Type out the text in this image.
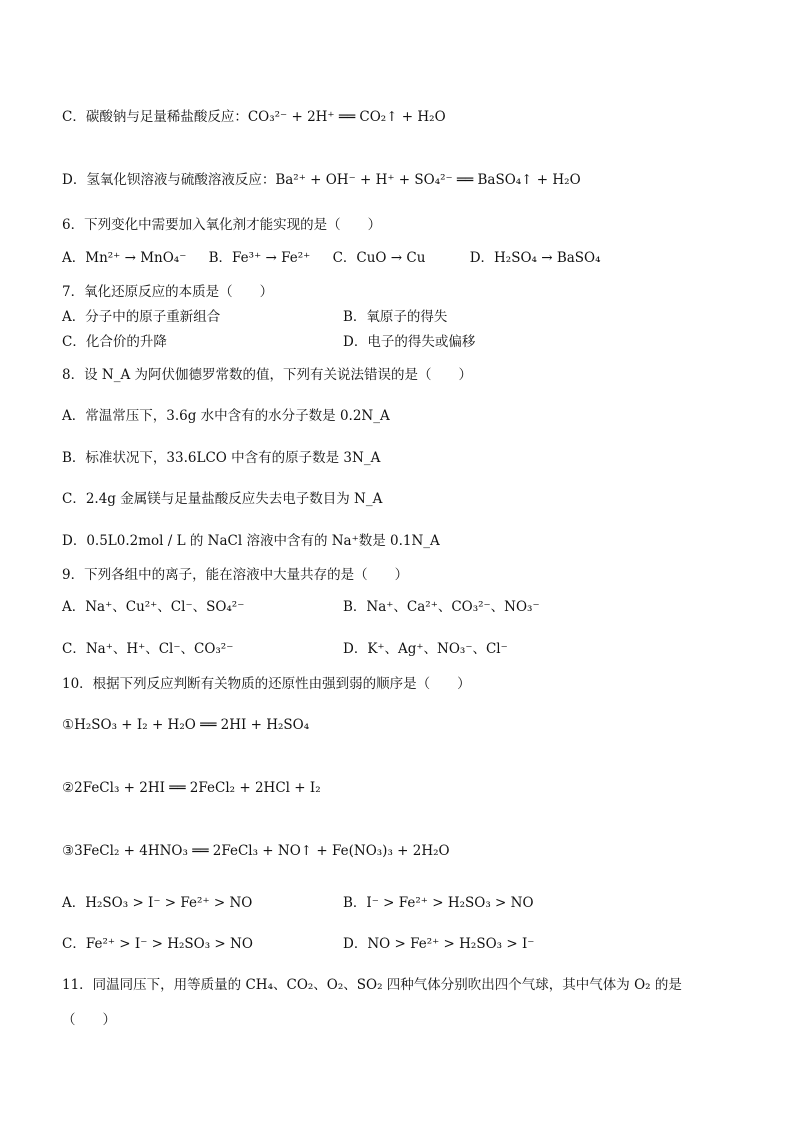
C．碳酸钠与足量稀盐酸反应：CO₃²⁻ + 2H⁺ ══ CO₂↑ + H₂O
D．氢氧化钡溶液与硫酸溶液反应：Ba²⁺ + OH⁻ + H⁺ + SO₄²⁻ ══ BaSO₄↑ + H₂O
6．下列变化中需要加入氧化剂才能实现的是（　　）
A．Mn²⁺ → MnO₄⁻ B．Fe³⁺ → Fe²⁺ C．CuO → Cu	D．H₂SO₄ → BaSO₄
7．氧化还原反应的本质是（　　）
A．分子中的原子重新组合	B．氧原子的得失
C．化合价的升降	D．电子的得失或偏移
8．设 N_A 为阿伏伽德罗常数的值，下列有关说法错误的是（　　）
A．常温常压下，3.6g 水中含有的水分子数是 0.2N_A
B．标准状况下，33.6LCO 中含有的原子数是 3N_A
C．2.4g 金属镁与足量盐酸反应失去电子数目为 N_A
D．0.5L0.2mol / L 的 NaCl 溶液中含有的 Na⁺数是 0.1N_A
9．下列各组中的离子，能在溶液中大量共存的是（　　）
A．Na⁺、Cu²⁺、Cl⁻、SO₄²⁻	B．Na⁺、Ca²⁺、CO₃²⁻、NO₃⁻
C．Na⁺、H⁺、Cl⁻、CO₃²⁻	D．K⁺、Ag⁺、NO₃⁻、Cl⁻
10．根据下列反应判断有关物质的还原性由强到弱的顺序是（　　）
①H₂SO₃ + I₂ + H₂O ══ 2HI + H₂SO₄
②2FeCl₃ + 2HI ══ 2FeCl₂ + 2HCl + I₂
③3FeCl₂ + 4HNO₃ ══ 2FeCl₃ + NO↑ + Fe(NO₃)₃ + 2H₂O
A．H₂SO₃ > I⁻ > Fe²⁺ > NO	B．I⁻ > Fe²⁺ > H₂SO₃ > NO
C．Fe²⁺ > I⁻ > H₂SO₃ > NO	D．NO > Fe²⁺ > H₂SO₃ > I⁻
11．同温同压下，用等质量的 CH₄、CO₂、O₂、SO₂ 四种气体分别吹出四个气球，其中气体为 O₂ 的是
（　　）
